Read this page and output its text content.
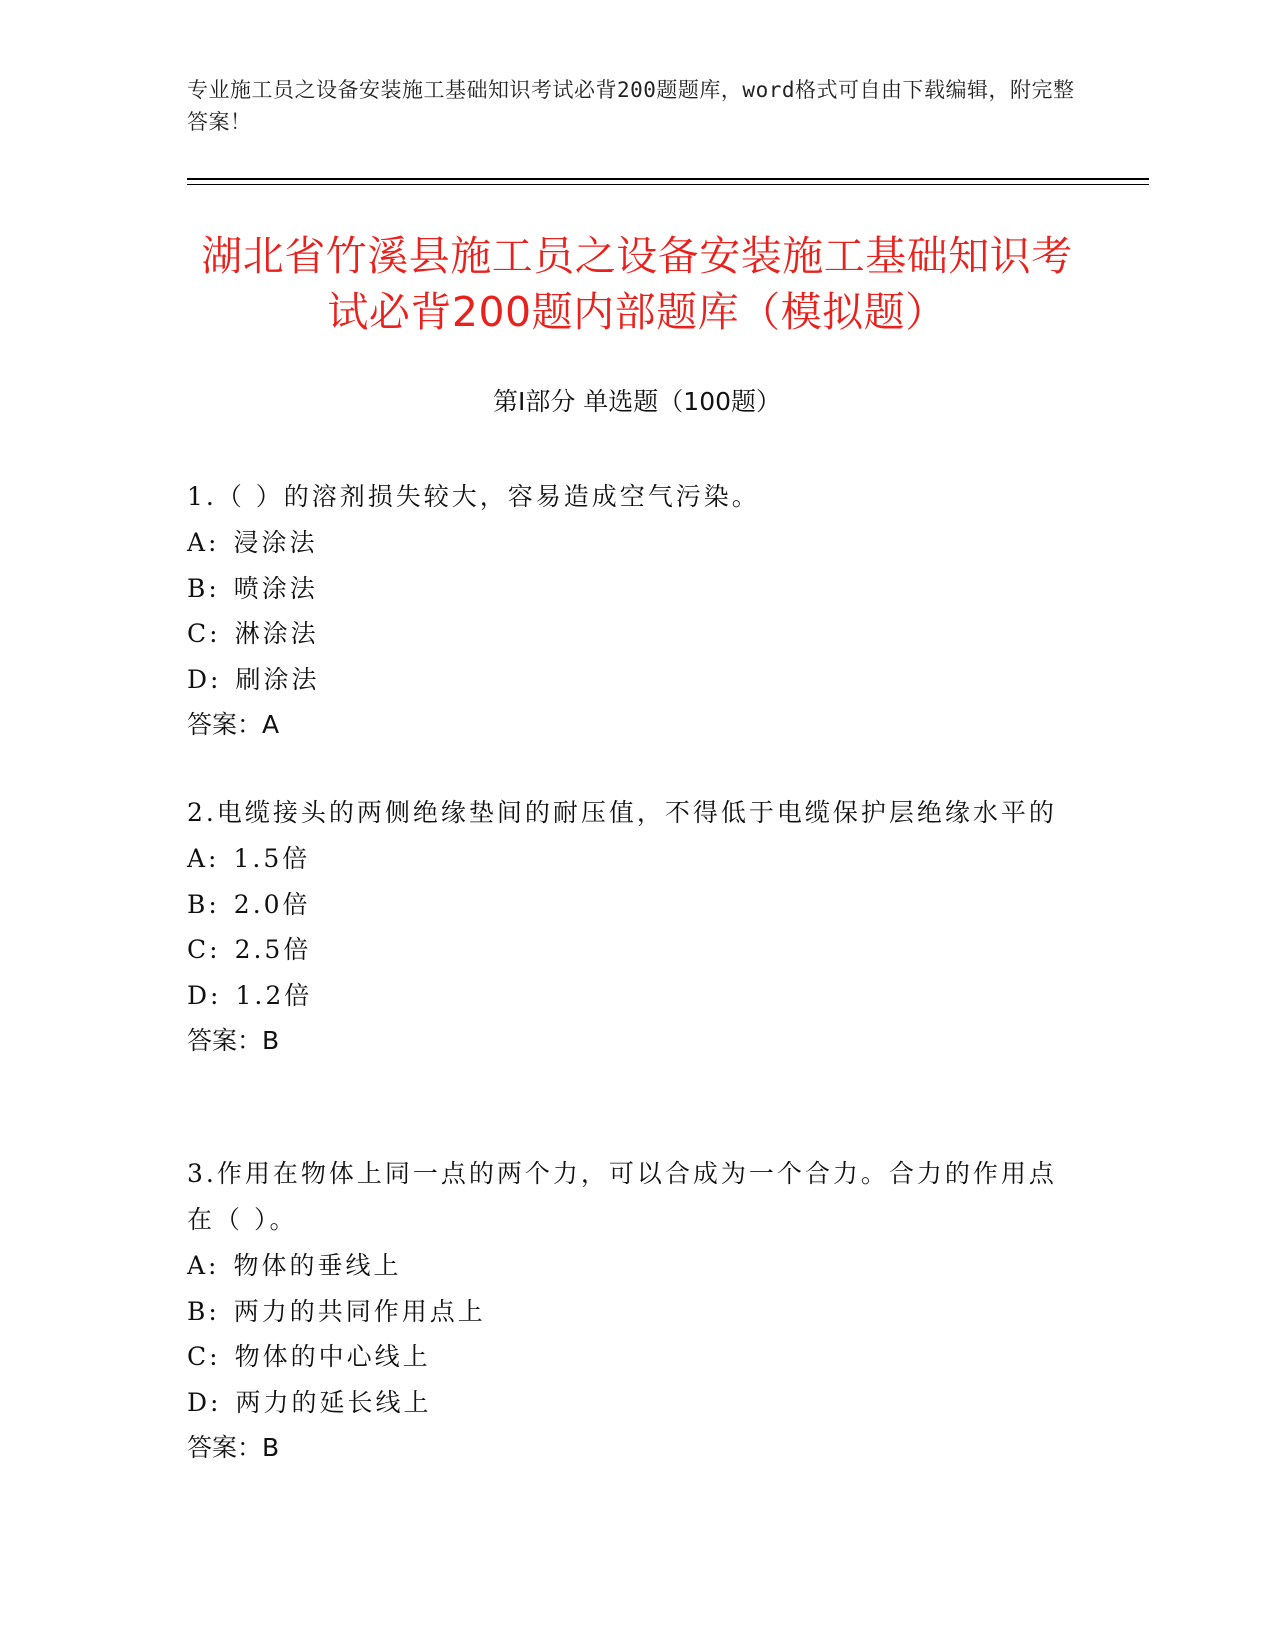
专业施工员之设备安装施工基础知识考试必背200题题库，word格式可自由下载编辑，附完整答案！
湖北省竹溪县施工员之设备安装施工基础知识考试必背200题内部题库（模拟题）
第Ⅰ部分 单选题（100题）
1.（ ）的溶剂损失较大，容易造成空气污染。
A: 浸涂法
B: 喷涂法
C: 淋涂法
D: 刷涂法
答案：A
2.电缆接头的两侧绝缘垫间的耐压值，不得低于电缆保护层绝缘水平的
A: 1.5倍
B: 2.0倍
C: 2.5倍
D: 1.2倍
答案：B
3.作用在物体上同一点的两个力，可以合成为一个合力。合力的作用点在（ ）。
A: 物体的垂线上
B: 两力的共同作用点上
C: 物体的中心线上
D: 两力的延长线上
答案：B
